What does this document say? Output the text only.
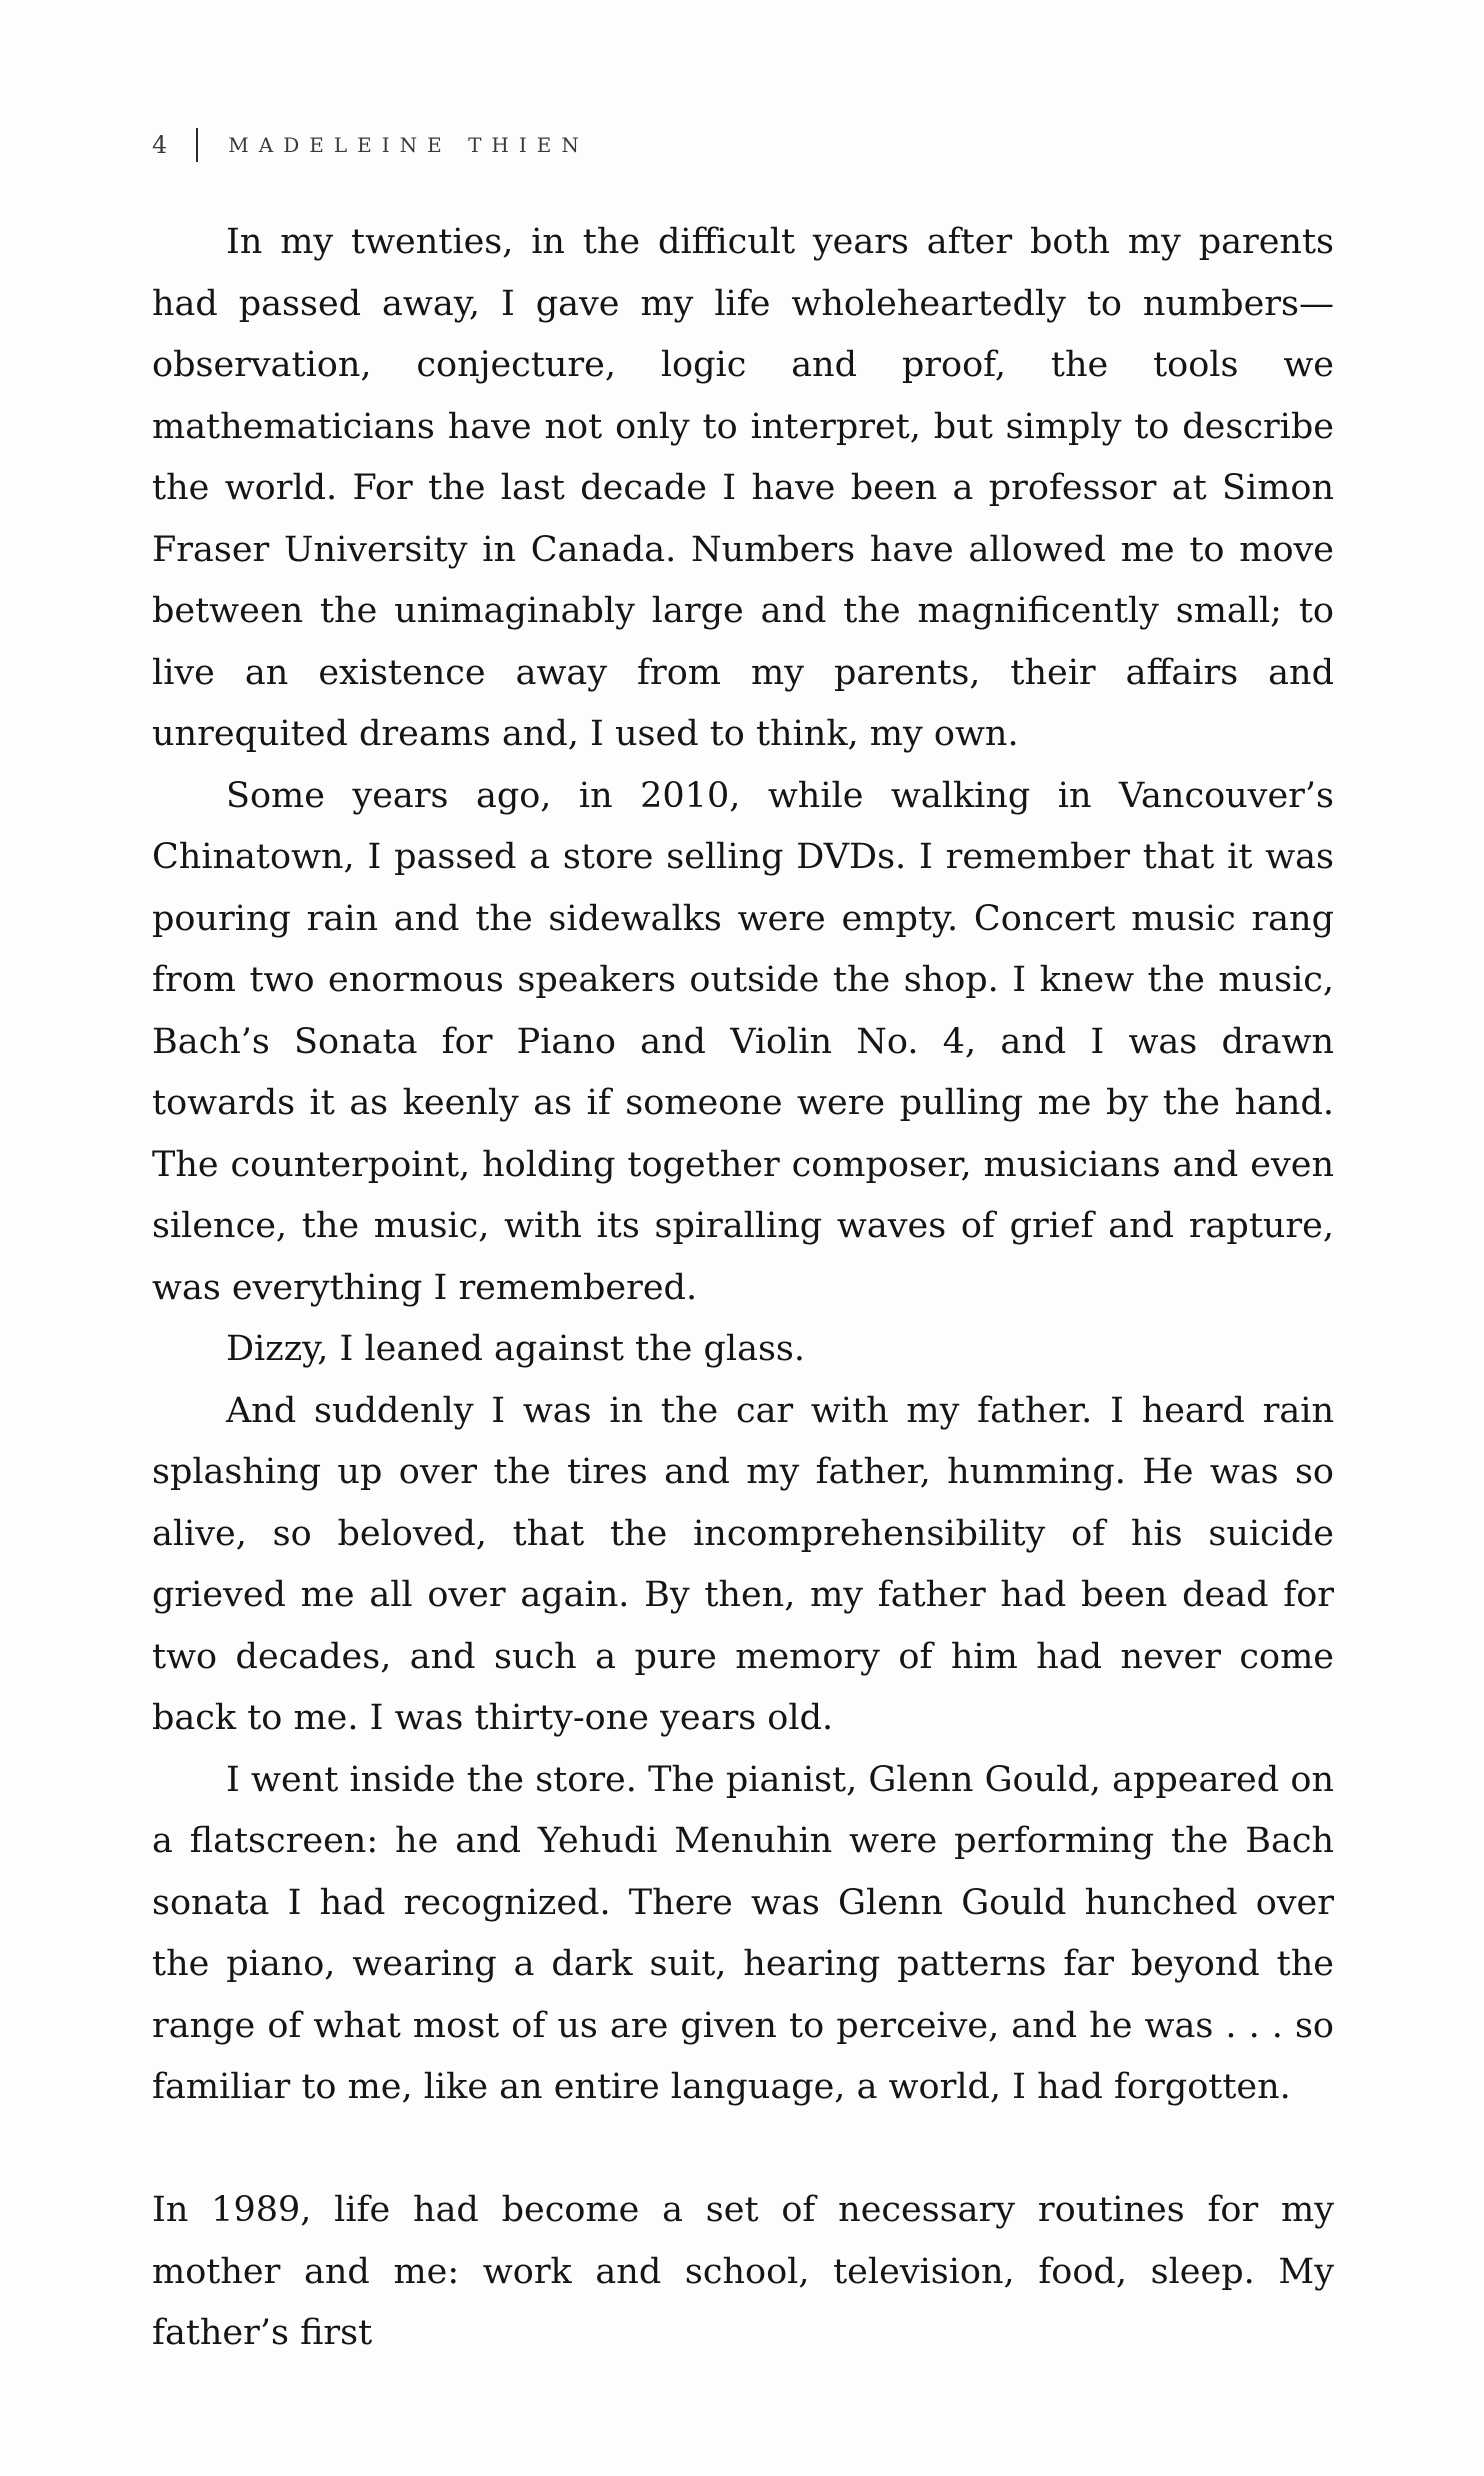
4	MADELEINE THIEN

In my twenties, in the difficult years after both my parents had passed away, I gave my life wholeheartedly to numbers—observation, conjecture, logic and proof, the tools we mathematicians have not only to interpret, but simply to describe the world. For the last decade I have been a professor at Simon Fraser University in Canada. Numbers have allowed me to move between the unimaginably large and the magnificently small; to live an existence away from my parents, their affairs and unrequited dreams and, I used to think, my own.

Some years ago, in 2010, while walking in Vancouver’s Chinatown, I passed a store selling DVDs. I remember that it was pouring rain and the sidewalks were empty. Concert music rang from two enormous speakers outside the shop. I knew the music, Bach’s Sonata for Piano and Violin No. 4, and I was drawn towards it as keenly as if someone were pulling me by the hand. The counterpoint, holding together composer, musicians and even silence, the music, with its spiralling waves of grief and rapture, was everything I remembered.

Dizzy, I leaned against the glass.

And suddenly I was in the car with my father. I heard rain splashing up over the tires and my father, humming. He was so alive, so beloved, that the incomprehensibility of his suicide grieved me all over again. By then, my father had been dead for two decades, and such a pure memory of him had never come back to me. I was thirty-one years old.

I went inside the store. The pianist, Glenn Gould, appeared on a flatscreen: he and Yehudi Menuhin were performing the Bach sonata I had recognized. There was Glenn Gould hunched over the piano, wearing a dark suit, hearing patterns far beyond the range of what most of us are given to perceive, and he was . . . so familiar to me, like an entire language, a world, I had forgotten.

In 1989, life had become a set of necessary routines for my mother and me: work and school, television, food, sleep. My father’s first
